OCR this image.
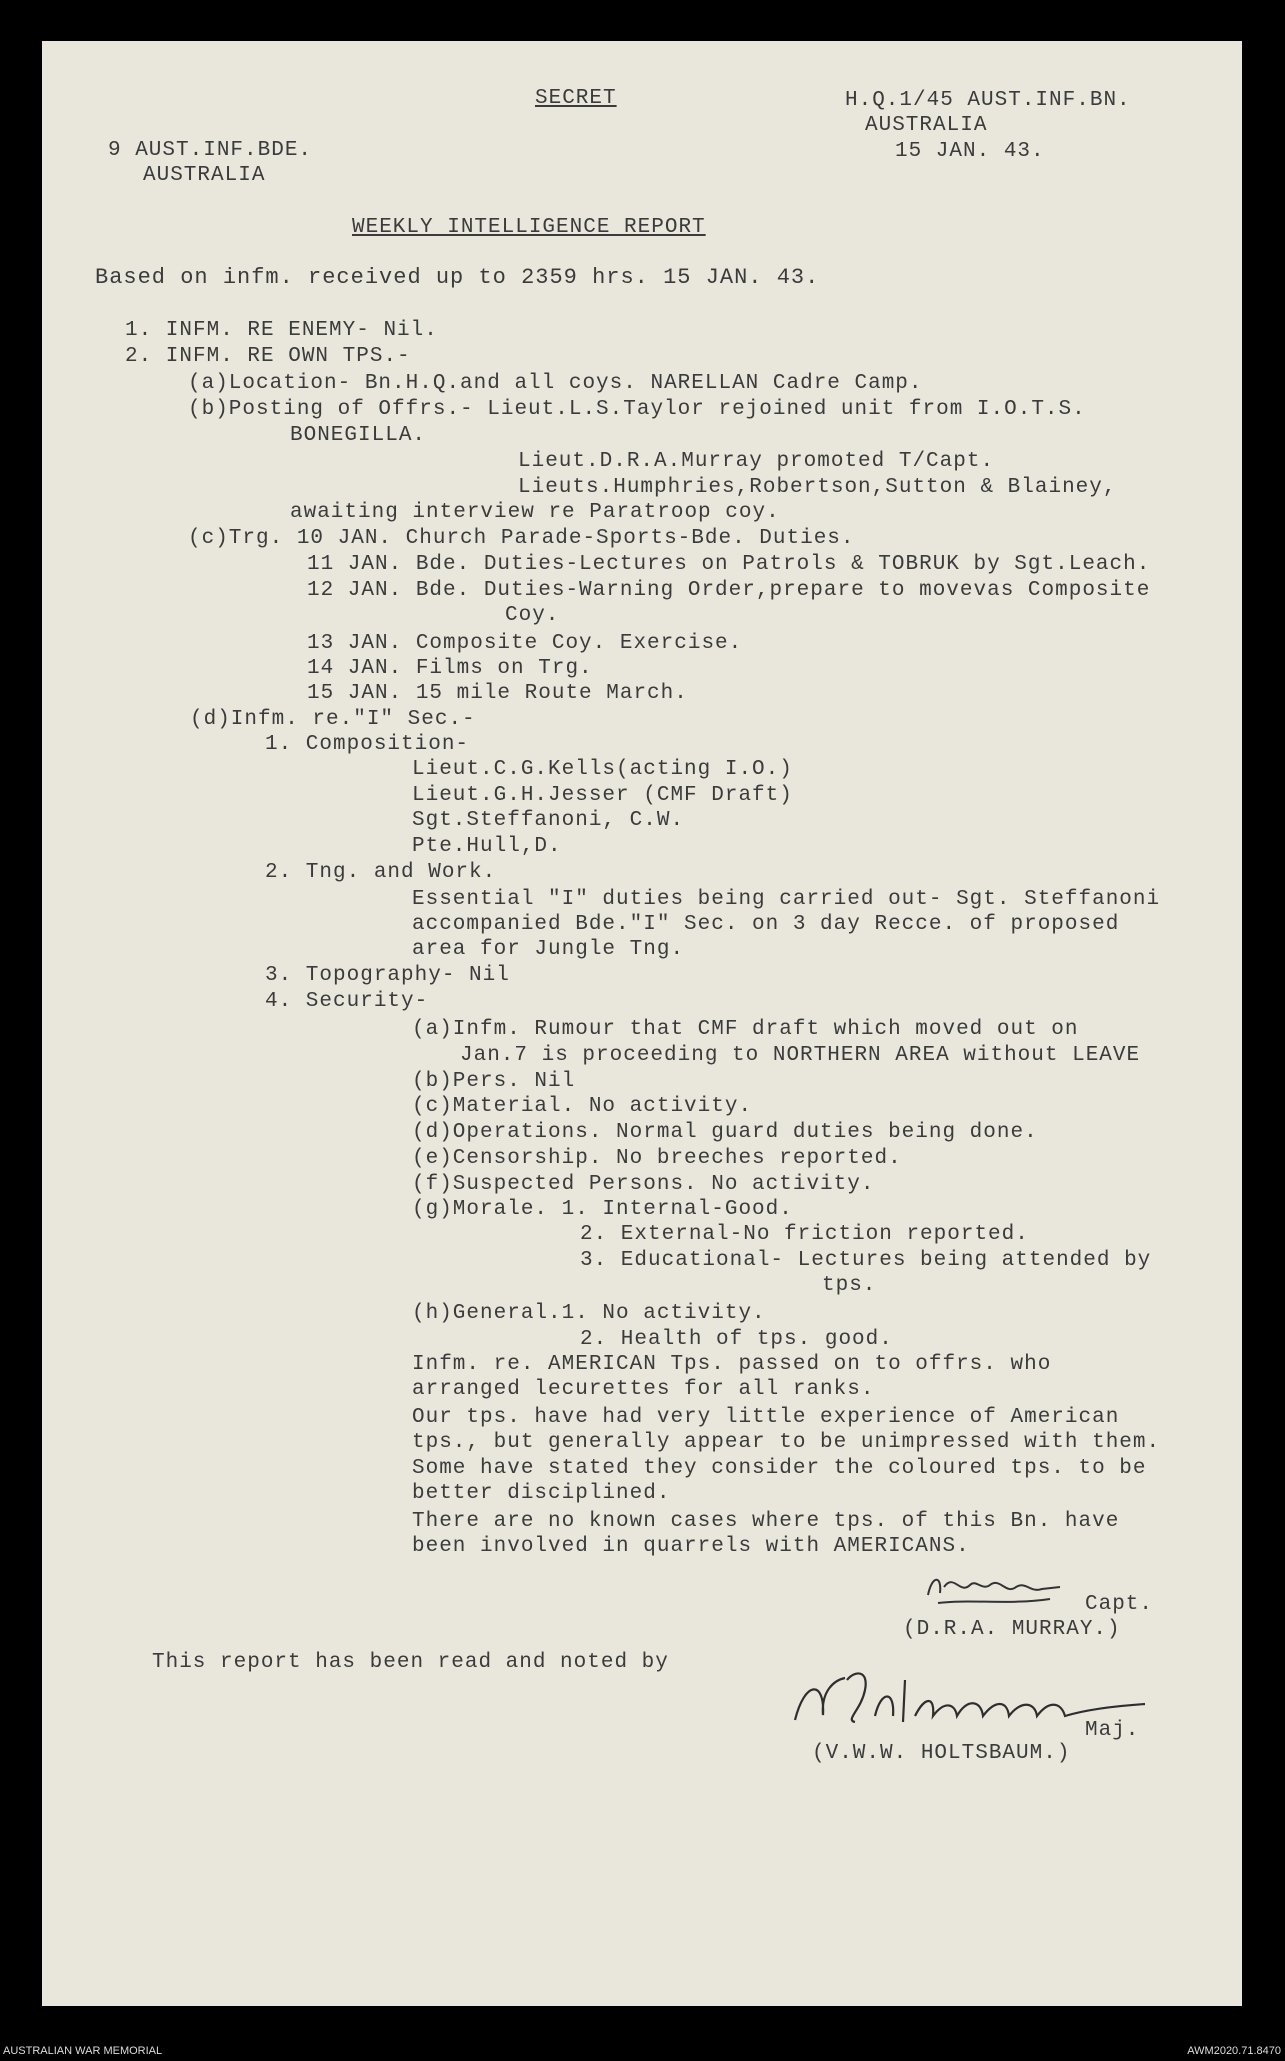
SECRET	H.Q.1/45 AUST.INF.BN.
AUSTRALIA
15 JAN. 43.
9 AUST.INF.BDE.
AUSTRALIA
WEEKLY INTELLIGENCE REPORT
Based on infm. received up to 2359 hrs. 15 JAN. 43.
1. INFM. RE ENEMY- Nil.
2. INFM. RE OWN TPS.-
(a)Location- Bn.H.Q.and all coys. NARELLAN Cadre Camp.
(b)Posting of Offrs.- Lieut.L.S.Taylor rejoined unit from I.O.T.S.
BONEGILLA.
Lieut.D.R.A.Murray promoted T/Capt.
Lieuts.Humphries,Robertson,Sutton & Blainey,
awaiting interview re Paratroop coy.
(c)Trg. 10 JAN. Church Parade-Sports-Bde. Duties.
11 JAN. Bde. Duties-Lectures on Patrols & TOBRUK by Sgt.Leach.
12 JAN. Bde. Duties-Warning Order,prepare to movevas Composite
Coy.
13 JAN. Composite Coy. Exercise.
14 JAN. Films on Trg.
15 JAN. 15 mile Route March.
(d)Infm. re."I" Sec.-
1. Composition-
Lieut.C.G.Kells(acting I.O.)
Lieut.G.H.Jesser (CMF Draft)
Sgt.Steffanoni, C.W.
Pte.Hull,D.
2. Tng. and Work.
Essential "I" duties being carried out- Sgt. Steffanoni
accompanied Bde."I" Sec. on 3 day Recce. of proposed
area for Jungle Tng.
3. Topography- Nil
4. Security-
(a)Infm. Rumour that CMF draft which moved out on
Jan.7 is proceeding to NORTHERN AREA without LEAVE
(b)Pers. Nil
(c)Material. No activity.
(d)Operations. Normal guard duties being done.
(e)Censorship. No breeches reported.
(f)Suspected Persons. No activity.
(g)Morale. 1. Internal-Good.
2. External-No friction reported.
3. Educational- Lectures being attended by
tps.
(h)General.1. No activity.
2. Health of tps. good.
Infm. re. AMERICAN Tps. passed on to offrs. who
arranged lecurettes for all ranks.
Our tps. have had very little experience of American
tps., but generally appear to be unimpressed with them.
Some have stated they consider the coloured tps. to be
better disciplined.
There are no known cases where tps. of this Bn. have
been involved in quarrels with AMERICANS.
Capt.
(D.R.A. MURRAY.)
This report has been read and noted by
Maj.
(V.W.W. HOLTSBAUM.)
AUSTRALIAN WAR MEMORIAL	AWM2020.71.8470
